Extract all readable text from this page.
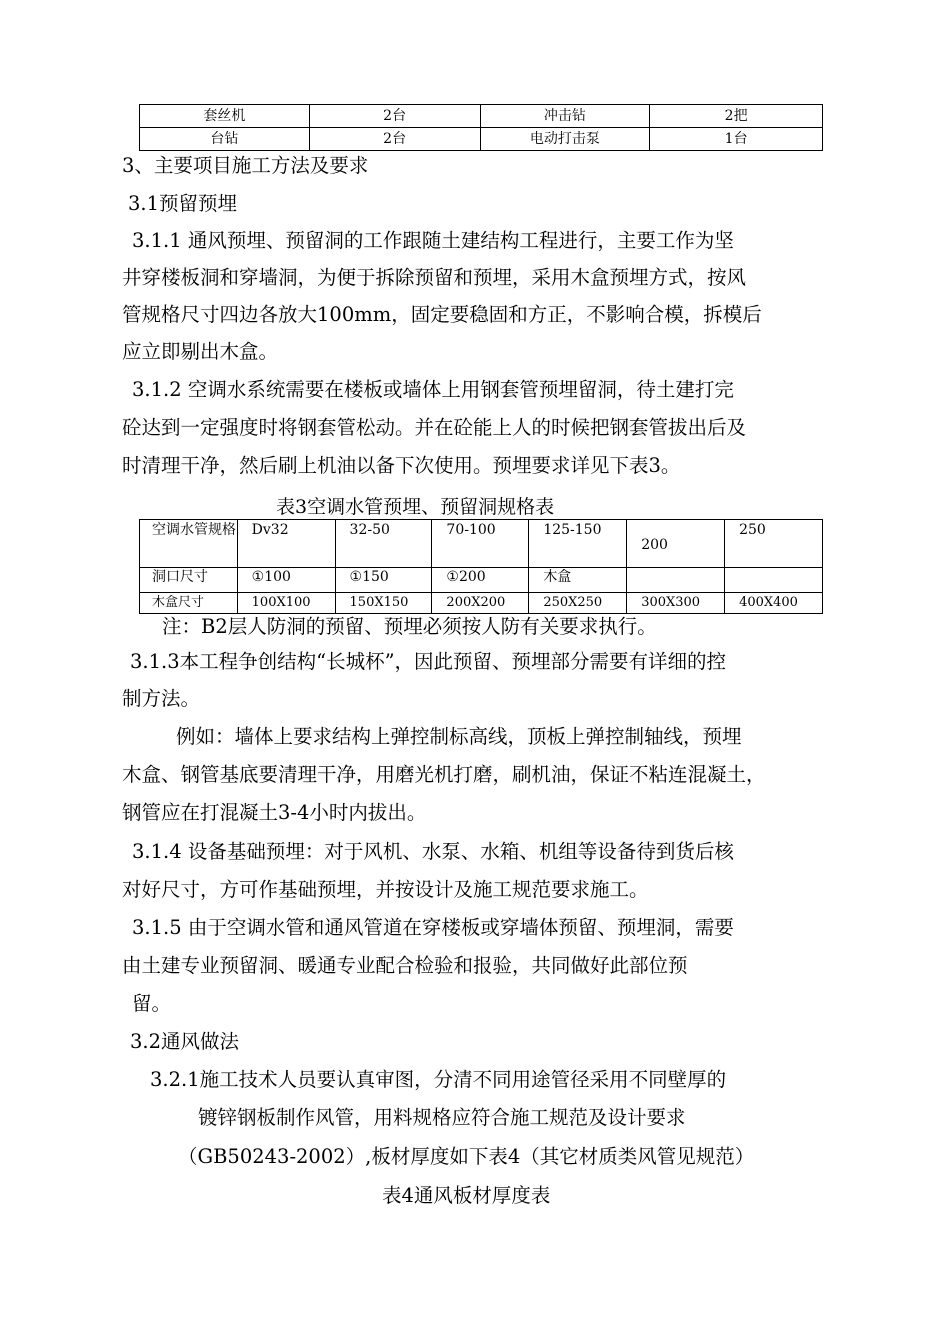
套丝机	2台	冲击钻	2把
台钻	2台	电动打击泵	1台
3、主要项目施工方法及要求
3.1预留预埋
3.1.1 通风预埋、预留洞的工作跟随土建结构工程进行，主要工作为坚
井穿楼板洞和穿墙洞，为便于拆除预留和预埋，采用木盒预埋方式，按风
管规格尺寸四边各放大100mm，固定要稳固和方正，不影响合模，拆模后
应立即剔出木盒。
3.1.2 空调水系统需要在楼板或墙体上用钢套管预埋留洞，待土建打完
砼达到一定强度时将钢套管松动。并在砼能上人的时候把钢套管拔出后及
时清理干净，然后刷上机油以备下次使用。预埋要求详见下表3。
表3空调水管预埋、预留洞规格表
空调水管规格	Dv32	32-50	70-100	125-150	200	250
洞口尺寸	①100	①150	①200	木盒		
木盒尺寸	100X100	150X150	200X200	250X250	300X300	400X400
注：B2层人防洞的预留、预埋必须按人防有关要求执行。
3.1.3本工程争创结构“长城杯”，因此预留、预埋部分需要有详细的控
制方法。
例如：墙体上要求结构上弹控制标高线，顶板上弹控制轴线，预埋
木盒、钢管基底要清理干净，用磨光机打磨，刷机油，保证不粘连混凝土，
钢管应在打混凝土3-4小时内拔出。
3.1.4 设备基础预埋：对于风机、水泵、水箱、机组等设备待到货后核
对好尺寸，方可作基础预埋，并按设计及施工规范要求施工。
3.1.5 由于空调水管和通风管道在穿楼板或穿墙体预留、预埋洞，需要
由土建专业预留洞、暖通专业配合检验和报验，共同做好此部位预
留。
3.2通风做法
3.2.1施工技术人员要认真审图，分清不同用途管径采用不同壁厚的
镀锌钢板制作风管，用料规格应符合施工规范及设计要求
（GB50243-2002）,板材厚度如下表4（其它材质类风管见规范）
表4通风板材厚度表
